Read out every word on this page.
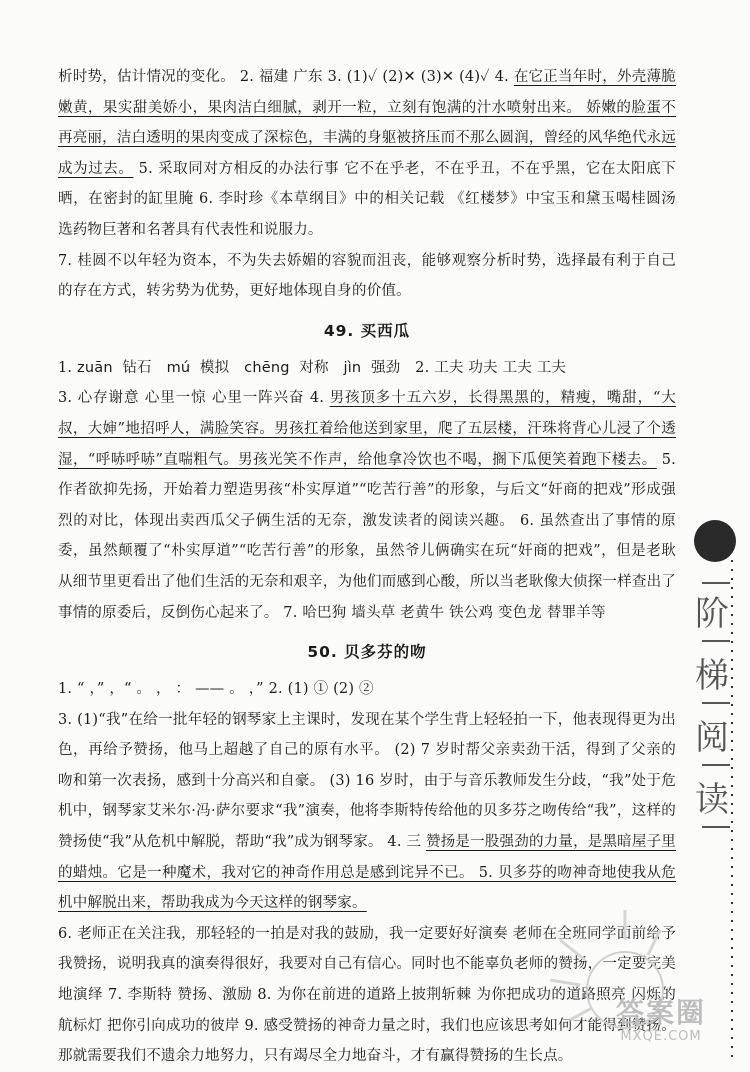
析时势，估计情况的变化。 2. 福建 广东 3. (1)✓ (2)✕ (3)✕ (4)✓ 4. 在它正当年时，外壳薄脆嫩黄，果实甜美娇小，果肉洁白细腻，剥开一粒，立刻有饱满的汁水喷射出来。 娇嫩的脸蛋不再亮丽，洁白透明的果肉变成了深棕色，丰满的身躯被挤压而不那么圆润，曾经的风华绝代永远成为过去。 5. 采取同对方相反的办法行事 它不在乎老，不在乎丑，不在乎黑，它在太阳底下晒，在密封的缸里腌 6. 李时珍《本草纲目》中的相关记载 《红楼梦》中宝玉和黛玉喝桂圆汤 选药物巨著和名著具有代表性和说服力。

7. 桂圆不以年轻为资本，不为失去娇媚的容貌而沮丧，能够观察分析时势，选择最有利于自己的存在方式，转劣势为优势，更好地体现自身的价值。

49. 买西瓜

1. zuān 钻石 mú 模拟 chēng 对称 jìn 强劲 2. 工夫 功夫 工夫 工夫

3. 心存谢意 心里一惊 心里一阵兴奋 4. 男孩顶多十五六岁，长得黑黑的，精瘦，嘴甜，“大叔，大婶”地招呼人，满脸笑容。男孩扛着给他送到家里，爬了五层楼，汗珠将背心儿浸了个透湿，“呼哧呼哧”直喘粗气。男孩光笑不作声，给他拿冷饮也不喝，搁下瓜便笑着跑下楼去。 5. 作者欲抑先扬，开始着力塑造男孩“朴实厚道”“吃苦行善”的形象，与后文“奸商的把戏”形成强烈的对比，体现出卖西瓜父子俩生活的无奈，激发读者的阅读兴趣。 6. 虽然查出了事情的原委，虽然颠覆了“朴实厚道”“吃苦行善”的形象，虽然爷儿俩确实在玩“奸商的把戏”，但是老耿从细节里更看出了他们生活的无奈和艰辛，为他们而感到心酸，所以当老耿像大侦探一样查出了事情的原委后，反倒伤心起来了。 7. 哈巴狗 墙头草 老黄牛 铁公鸡 变色龙 替罪羊等

50. 贝多芬的吻

1. “ ，” ，“ 。 ， ： —— 。 ，” 2. (1) ① (2) ②

3. (1)“我”在给一批年轻的钢琴家上主课时，发现在某个学生背上轻轻拍一下，他表现得更为出色，再给予赞扬，他马上超越了自己的原有水平。 (2) 7 岁时帮父亲卖劲干活，得到了父亲的吻和第一次表扬，感到十分高兴和自豪。 (3) 16 岁时，由于与音乐教师发生分歧，“我”处于危机中，钢琴家艾米尔·冯·萨尔要求“我”演奏，他将李斯特传给他的贝多芬之吻传给“我”，这样的赞扬使“我”从危机中解脱，帮助“我”成为钢琴家。 4. 三 赞扬是一股强劲的力量，是黑暗屋子里的蜡烛。它是一种魔术，我对它的神奇作用总是感到诧异不已。 5. 贝多芬的吻神奇地使我从危机中解脱出来，帮助我成为今天这样的钢琴家。

6. 老师正在关注我，那轻轻的一拍是对我的鼓励，我一定要好好演奏 老师在全班同学面前给予我赞扬，说明我真的演奏得很好，我要对自己有信心。同时也不能辜负老师的赞扬，一定要完美地演绎 7. 李斯特 赞扬、激励 8. 为你在前进的道路上披荆斩棘 为你把成功的道路照亮 闪烁的航标灯 把你引向成功的彼岸 9. 感受赞扬的神奇力量之时，我们也应该思考如何才能得到赞扬。那就需要我们不遗余力地努力，只有竭尽全力地奋斗，才有赢得赞扬的生长点。

阶
梯
阅
读
答案圈
MXQE.COM
